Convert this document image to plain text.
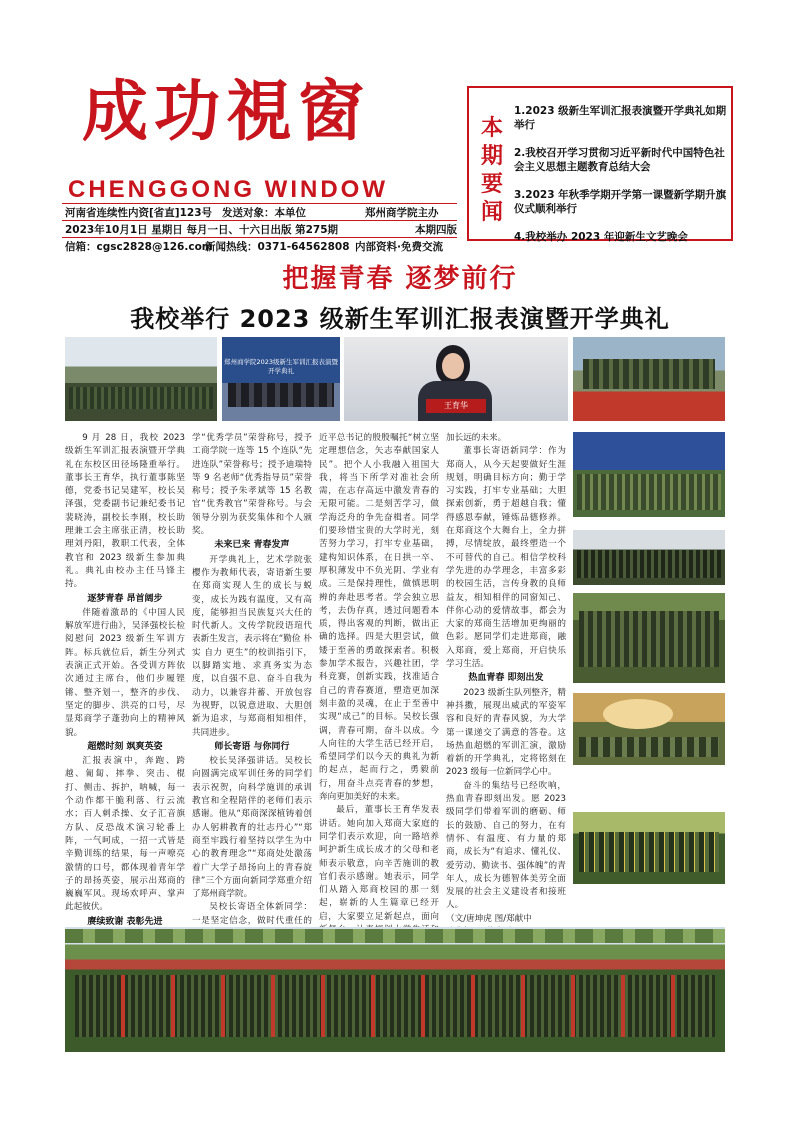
成功視窗
CHENGGONG WINDOW
河南省连续性内资[省直]123号 发送对象：本单位	郑州商学院主办
2023年10月1日 星期日 每月一日、十六日出版 第275期	本期四版
信箱：cgsc2828@126.com
新闻热线：0371-64562808 内部资料·免费交流
本期要闻
1.2023 级新生军训汇报表演暨开学典礼如期举行
2.我校召开学习贯彻习近平新时代中国特色社会主义思想主题教育总结大会
3.2023 年秋季学期开学第一课暨新学期升旗仪式顺利举行
4.我校举办 2023 年迎新生文艺晚会
把握青春 逐梦前行
我校举行 2023 级新生军训汇报表演暨开学典礼
郑州商学院2023级新生军训汇报表演暨开学典礼
王育华

9 月 28 日，我校 2023 级新生军训汇报表演暨开学典礼在东校区田径场隆重举行。董事长王育华，执行董事陈坚德，党委书记吴建军，校长吴泽强，党委副书记兼纪委书记裴晓涛，副校长李刚，校长助理兼工会主席张正清，校长助理刘丹阳，教职工代表，全体教官和 2023 级新生参加典礼。典礼由校办主任马锋主持。

逐梦青春 昂首阔步

伴随着激昂的《中国人民解放军进行曲》，吴泽强校长检阅慰问 2023 级新生军训方阵。标兵就位后，新生分列式表演正式开始。各受训方阵依次通过主席台，他们步履铿锵、整齐划一，整齐的步伐、坚定的脚步、洪亮的口号，尽显郑商学子蓬勃向上的精神风貌。

超燃时刻 飒爽英姿

汇报表演中，奔跑、跨越、匍匐、摔拳、突击、棍打、侧击、拆护，呐喊，每一个动作都干脆利落、行云流水；百人刺杀操、女子汇音旗方队、反恐战术演习轮番上阵，一气呵成，一招一式皆是辛勤训练的结果，每一声嘹亮激情的口号，都体现着青年学子的昂扬英姿，展示出郑商的巍巍军风。现场欢呼声、掌声此起彼伏。

赓续致谢 表彰先进

学“优秀学员”荣誉称号，授予工商学院一连等 15 个连队“先进连队”荣誉称号；授予迪瑞特等 9 名老师“优秀指导员”荣誉称号；授予朱孝斌等 15 名教官“优秀教官”荣誉称号。与会领导分别为获奖集体和个人颁奖。

未来已来 青春发声

开学典礼上，艺术学院张櫻作为教师代表，寄语新生要在郑商实现人生的成长与蜕变，成长为践有温度，又有高度，能够担当民族复兴大任的时代新人。文传学院段语瑄代表新生发言，表示将在“勤俭 朴实 自力 更生”的校训指引下，以脚踏实地、求真务实为态度，以自强不息、奋斗自我为动力，以兼容并蓄、开放包容为视野，以锐意进取、大胆创新为追求，与郑商相知相伴，共同进步。

师长寄语 与你同行

校长吴泽强讲话。吴校长向圆满完成军训任务的同学们表示祝贺，向科学施训的承训教官和全程陪伴的老师们表示感谢。他从“郑商深深植铸着创办人躬耕教育的壮志丹心”“郑商至牢践行着坚持以学生为中心的教育理念”“郑商处处激荡着广大学子昂扬向上的青春旋律”三个方面向新同学郑重介绍了郑州商学院。

吴校长寄语全体新同学：一是坚定信念，做时代重任的

近平总书记的殷殷嘱托“树立坚定理想信念，矢志奉献国家人民”。把个人小我融入祖国大我，将当下所学对准社会所需，在志存高远中激发青春的无限可能。二是刻苦学习，做学海泛舟的争先奋楫者。同学们要珍惜宝贵的大学时光，刻苦努力学习，打牢专业基础，建构知识体系，在日拱一卒、厚积薄发中不负光阴、学业有成。三是保持理性，做慎思明辨的奔赴思考者。学会独立思考，去伪存真，透过问题看本质，得出客观的判断，做出正确的选择。四是大胆尝试，做矮于至善的勇敢探索者。积极参加学术报告，兴趣社团，学科竞赛，创新实践，找准适合自己的青春赛道，塑造更加深刻丰盈的灵魂，在止于至善中实现“成己”的目标。吴校长强调，青春可期，奋斗以成。今人向往的大学生活已经开启，希望同学们以今天的典礼为新的起点，起而行之，勇毅前行，用奋斗点亮青春的梦想，奔向更加美好的未来。

最后，董事长王育华发表讲话。她向加入郑商大家庭的同学们表示欢迎，向一路培养呵护新生成长成才的父母和老师表示敬意，向辛苦施训的教官们表示感谢。她表示，同学们从踏入郑商校园的那一刻起，崭新的人生篇章已经开启，大家要立足新起点，面向

加长远的未来。

董事长寄语新同学：作为郑商人，从今天起要做好生涯规划，明确目标方向；勤于学习实践，打牢专业基础；大胆探索创新，勇于超越自我；懂得感恩奉献，锤炼品德修养。在郑商这个大舞台上，全力拼搏，尽情绽放，最终塑造一个不可替代的自己。相信学校科学先进的办学理念，丰富多彩的校园生活，言传身教的良师益友，相知相伴的同窗知己、伴你心动的爱情故事，都会为大家的郑商生活增加更绚丽的色彩。愿同学们走进郑商，融入郑商，爱上郑商，开启快乐学习生活。

热血青春 即刻出发

2023 级新生队列整齐，精神抖擞，展现出威武的军姿军容和良好的青春风貌，为大学第一课递交了满意的答卷。这场热血超燃的军训汇演，激励着新的开学典礼，定将铭刻在 2023 级每一位新同学心中。

奋斗的集结号已经吹响，热血青春即刻出发。愿 2023 级同学们带着军训的磨砺、师长的鼓励、自己的努力，在有情怀、有温度、有力量的郑商，成长为“有追求、懂礼仪、爱劳动、勤读书、强体魄”的青年人，成长为德智体美劳全面发展的社会主义建设者和接班人。

（文/唐坤虎 图/郑献中
